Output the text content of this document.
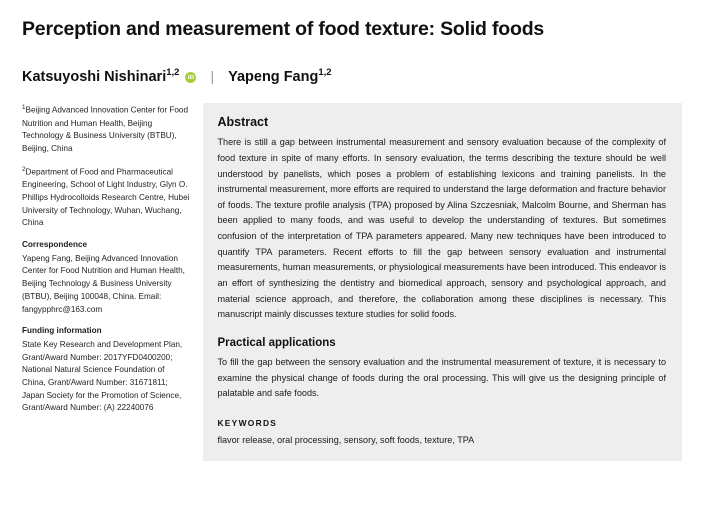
Perception and measurement of food texture: Solid foods
Katsuyoshi Nishinari$^{1,2}$ iD | Yapeng Fang$^{1,2}$
$^1$Beijing Advanced Innovation Center for Food Nutrition and Human Health, Beijing Technology & Business University (BTBU), Beijing, China
$^2$Department of Food and Pharmaceutical Engineering, School of Light Industry, Glyn O. Phillips Hydrocolloids Research Centre, Hubei University of Technology, Wuhan, Wuchang, China
Correspondence
Yapeng Fang, Beijing Advanced Innovation Center for Food Nutrition and Human Health, Beijing Technology & Business University (BTBU), Beijing 100048, China. Email: fangypphrc@163.com
Funding information
State Key Research and Development Plan, Grant/Award Number: 2017YFD0400200; National Natural Science Foundation of China, Grant/Award Number: 31671811; Japan Society for the Promotion of Science, Grant/Award Number: (A) 22240076
Abstract

There is still a gap between instrumental measurement and sensory evaluation because of the complexity of food texture in spite of many efforts. In sensory evaluation, the terms describing the texture should be well understood by panelists, which poses a problem of establishing lexicons and training panelists. In the instrumental measurement, more efforts are required to understand the large deformation and fracture behavior of foods. The texture profile analysis (TPA) proposed by Alina Szczesniak, Malcolm Bourne, and Sherman has been applied to many foods, and was useful to develop the understanding of textures. But sometimes confusion of the interpretation of TPA parameters appeared. Many new techniques have been introduced to quantify TPA parameters. Recent efforts to fill the gap between sensory evaluation and instrumental measurements, human measurements, or physiological measurements have been introduced. This endeavor is an effort of synthesizing the dentistry and biomedical approach, sensory and psychological approach, and material science approach, and therefore, the collaboration among these disciplines is necessary. This manuscript mainly discusses texture studies for solid foods.

Practical applications

To fill the gap between the sensory evaluation and the instrumental measurement of texture, it is necessary to examine the physical change of foods during the oral processing. This will give us the designing principle of palatable and safe foods.

KEYWORDS
flavor release, oral processing, sensory, soft foods, texture, TPA
